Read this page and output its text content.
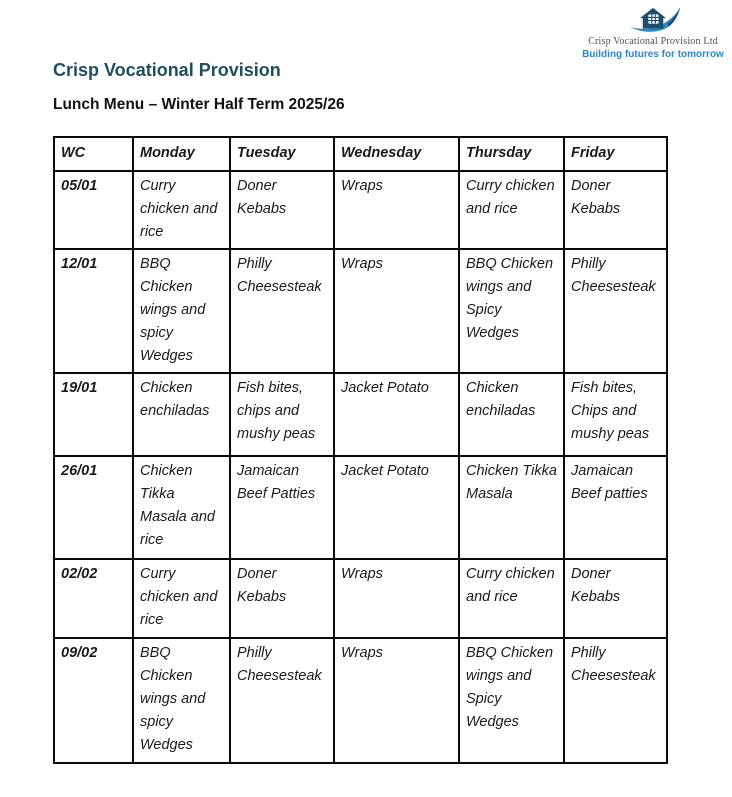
Crisp Vocational Provision Ltd
Building futures for tomorrow
Crisp Vocational Provision
Lunch Menu – Winter Half Term 2025/26
WC	Monday	Tuesday	Wednesday	Thursday	Friday
05/01	Curry chicken and rice	Doner Kebabs	Wraps	Curry chicken and rice	Doner Kebabs
12/01	BBQ Chicken wings and spicy Wedges	Philly Cheesesteak	Wraps	BBQ Chicken wings and Spicy Wedges	Philly Cheesesteak
19/01	Chicken enchiladas	Fish bites, chips and mushy peas	Jacket Potato	Chicken enchiladas	Fish bites, Chips and mushy peas
26/01	Chicken Tikka Masala and rice	Jamaican Beef Patties	Jacket Potato	Chicken Tikka Masala	Jamaican Beef patties
02/02	Curry chicken and rice	Doner Kebabs	Wraps	Curry chicken and rice	Doner Kebabs
09/02	BBQ Chicken wings and spicy Wedges	Philly Cheesesteak	Wraps	BBQ Chicken wings and Spicy Wedges	Philly Cheesesteak
